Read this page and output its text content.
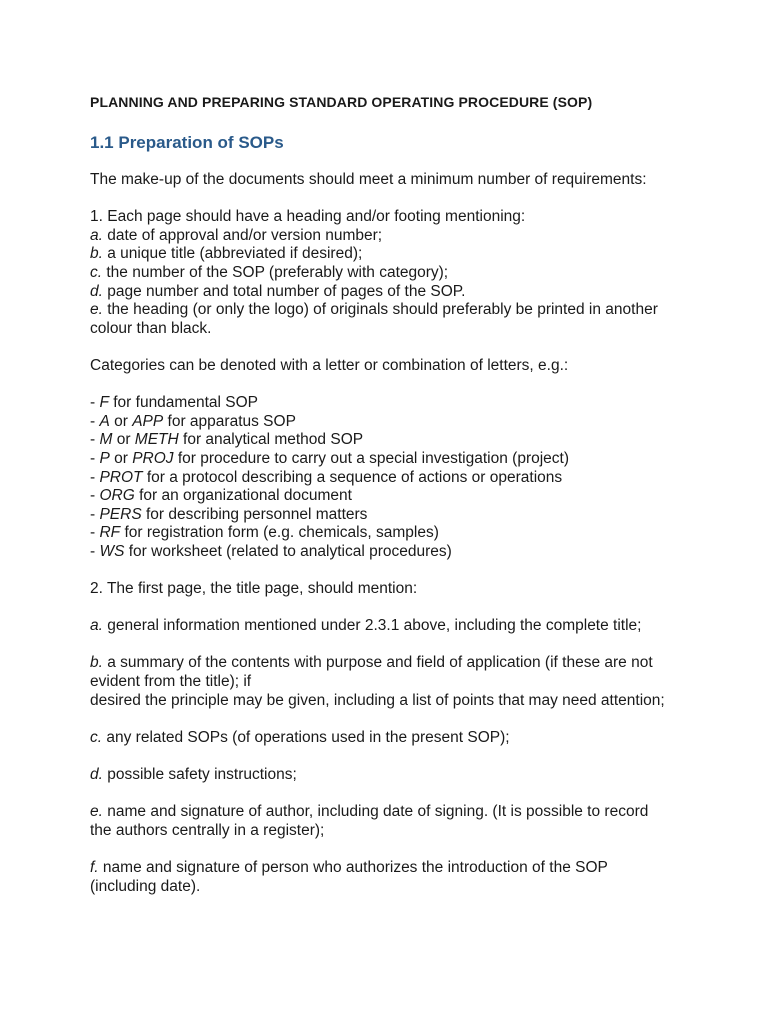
PLANNING AND PREPARING STANDARD OPERATING PROCEDURE (SOP)

1.1 Preparation of SOPs

The make-up of the documents should meet a minimum number of requirements:

1. Each page should have a heading and/or footing mentioning:

a. date of approval and/or version number;

b. a unique title (abbreviated if desired);

c. the number of the SOP (preferably with category);

d. page number and total number of pages of the SOP.

e. the heading (or only the logo) of originals should preferably be printed in another

colour than black.

Categories can be denoted with a letter or combination of letters, e.g.:

- F for fundamental SOP

- A or APP for apparatus SOP

- M or METH for analytical method SOP

- P or PROJ for procedure to carry out a special investigation (project)

- PROT for a protocol describing a sequence of actions or operations

- ORG for an organizational document

- PERS for describing personnel matters

- RF for registration form (e.g. chemicals, samples)

- WS for worksheet (related to analytical procedures)

2. The first page, the title page, should mention:

a. general information mentioned under 2.3.1 above, including the complete title;

b. a summary of the contents with purpose and field of application (if these are not

evident from the title); if

desired the principle may be given, including a list of points that may need attention;

c. any related SOPs (of operations used in the present SOP);

d. possible safety instructions;

e. name and signature of author, including date of signing. (It is possible to record

the authors centrally in a register);

f. name and signature of person who authorizes the introduction of the SOP

(including date).
